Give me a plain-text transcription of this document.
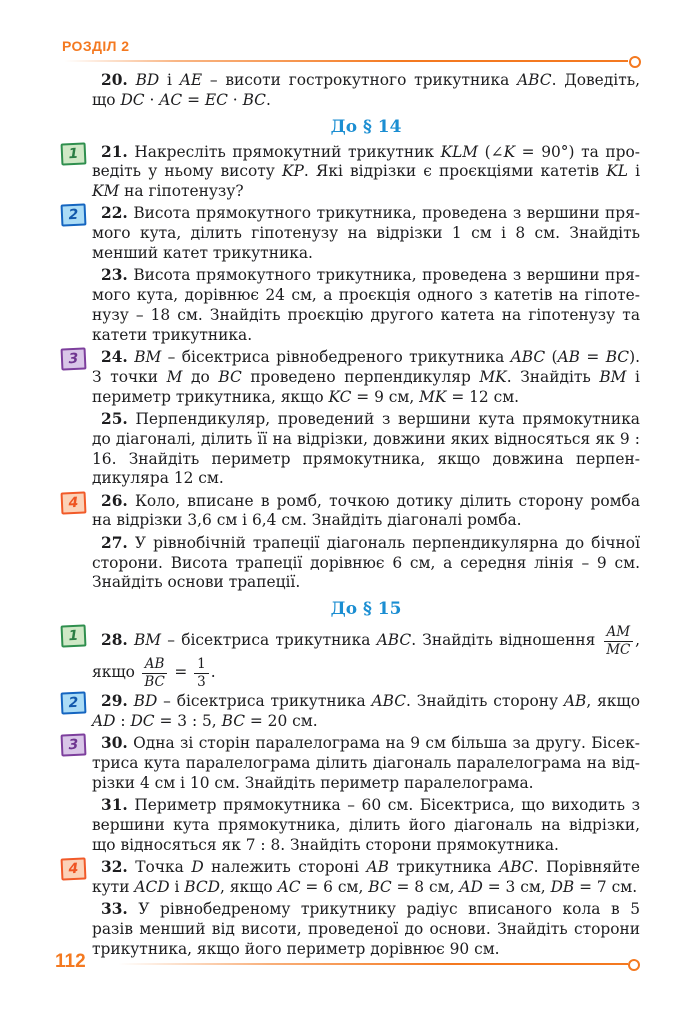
РОЗДІЛ 2

20. BD і AE – висоти гострокутного трикутника ABC. Доведіть, що DC · AC = EC · BC.

До § 14

1	21. Накресліть прямокутний трикутник KLM (∠K = 90°) та проведіть у ньому висоту KP. Які відрізки є проєкціями катетів KL і KM на гіпотенузу?

2	22. Висота прямокутного трикутника, проведена з вершини прямого кута, ділить гіпотенузу на відрізки 1 см і 8 см. Знайдіть менший катет трикутника.

23. Висота прямокутного трикутника, проведена з вершини прямого кута, дорівнює 24 см, а проєкція одного з катетів на гіпотенузу – 18 см. Знайдіть проєкцію другого катета на гіпотенузу та катети трикутника.

3	24. BM – бісектриса рівнобедреного трикутника ABC (AB = BC). З точки M до BC проведено перпендикуляр MK. Знайдіть BM і периметр трикутника, якщо KC = 9 см, MK = 12 см.

25. Перпендикуляр, проведений з вершини кута прямокутника до діагоналі, ділить її на відрізки, довжини яких відносяться як 9 : 16. Знайдіть периметр прямокутника, якщо довжина перпендикуляра 12 см.

4	26. Коло, вписане в ромб, точкою дотику ділить сторону ромба на відрізки 3,6 см і 6,4 см. Знайдіть діагоналі ромба.

27. У рівнобічній трапеції діагональ перпендикулярна до бічної сторони. Висота трапеції дорівнює 6 см, а середня лінія – 9 см. Знайдіть основи трапеції.

До § 15

1	28. BM – бісектриса трикутника ABC. Знайдіть відношення $\frac{AM}{MC}$ , якщо $\frac{AB}{BC} = \frac{1}{3}$ .

2	29. BD – бісектриса трикутника ABC. Знайдіть сторону AB, якщо AD : DC = 3 : 5, BC = 20 см.

3	30. Одна зі сторін паралелограма на 9 см більша за другу. Бісектриса кута паралелограма ділить діагональ паралелограма на відрізки 4 см і 10 см. Знайдіть периметр паралелограма.

31. Периметр прямокутника – 60 см. Бісектриса, що виходить з вершини кута прямокутника, ділить його діагональ на відрізки, що відносяться як 7 : 8. Знайдіть сторони прямокутника.

4	32. Точка D належить стороні AB трикутника ABC. Порівняйте кути ACD і BCD, якщо AC = 6 см, BC = 8 см, AD = 3 см, DB = 7 см.

33. У рівнобедреному трикутнику радіус вписаного кола в 5 разів менший від висоти, проведеної до основи. Знайдіть сторони трикутника, якщо його периметр дорівнює 90 см.

112
